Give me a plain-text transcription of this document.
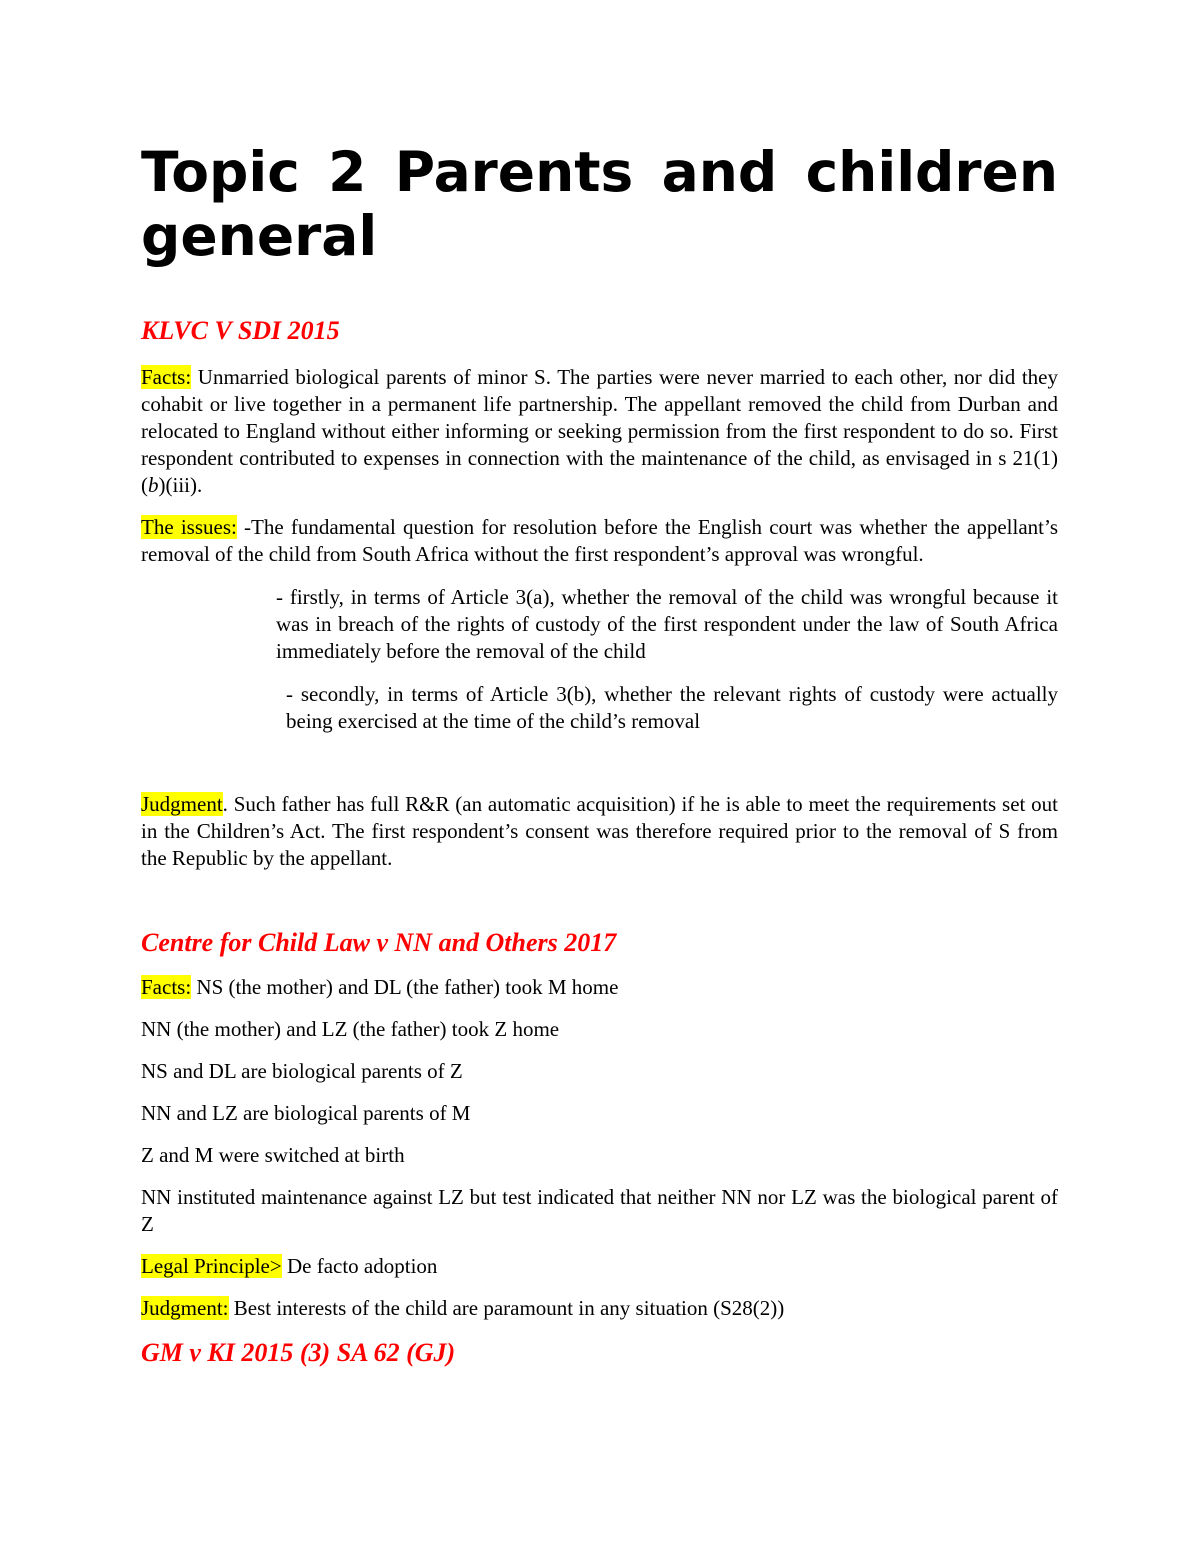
Topic 2 Parents and children
general
KLVC V SDI 2015

Facts: Unmarried biological parents of minor S. The parties were never married to each other, nor did they cohabit or live together in a permanent life partnership. The appellant removed the child from Durban and relocated to England without either informing or seeking permission from the first respondent to do so. First respondent contributed to expenses in connection with the maintenance of the child, as envisaged in s 21(1)(b)(iii).

The issues: -The fundamental question for resolution before the English court was whether the appellant’s removal of the child from South Africa without the first respondent’s approval was wrongful.

- firstly, in terms of Article 3(a), whether the removal of the child was wrongful because it was in breach of the rights of custody of the first respondent under the law of South Africa immediately before the removal of the child

- secondly, in terms of Article 3(b), whether the relevant rights of custody were actually being exercised at the time of the child’s removal

Judgment. Such father has full R&R (an automatic acquisition) if he is able to meet the requirements set out in the Children’s Act. The first respondent’s consent was therefore required prior to the removal of S from the Republic by the appellant.

Centre for Child Law v NN and Others 2017

Facts: NS (the mother) and DL (the father) took M home

NN (the mother) and LZ (the father) took Z home

NS and DL are biological parents of Z

NN and LZ are biological parents of M

Z and M were switched at birth

NN instituted maintenance against LZ but test indicated that neither NN nor LZ was the biological parent of Z

Legal Principle> De facto adoption

Judgment: Best interests of the child are paramount in any situation (S28(2))

GM v KI 2015 (3) SA 62 (GJ)
